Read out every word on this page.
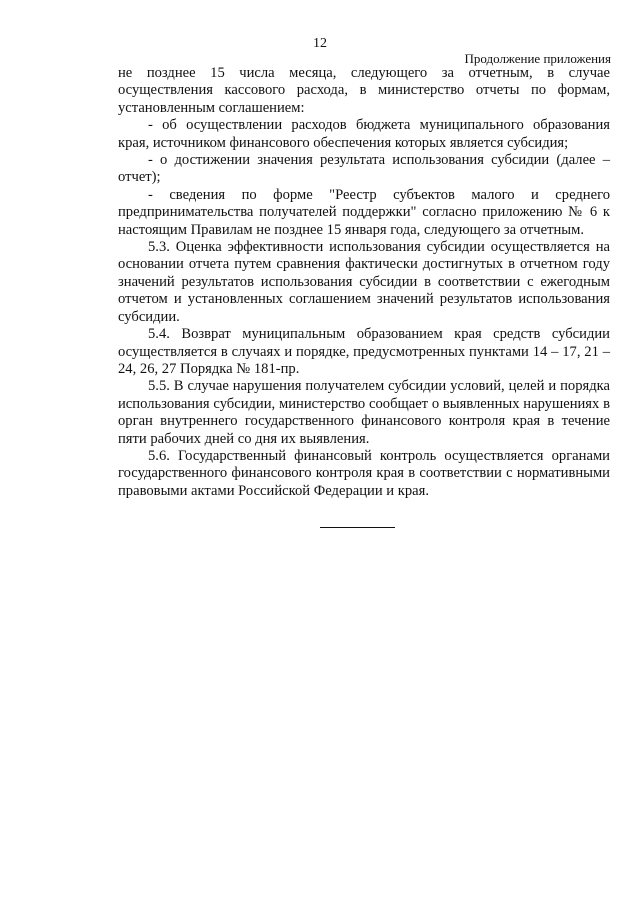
12
Продолжение приложения

не позднее 15 числа месяца, следующего за отчетным, в случае осуществления кассового расхода, в министерство отчеты по формам, установленным соглашением:

- об осуществлении расходов бюджета муниципального образования края, источником финансового обеспечения которых является субсидия;

- о достижении значения результата использования субсидии (далее – отчет);

- сведения по форме "Реестр субъектов малого и среднего предпринимательства получателей поддержки" согласно приложению № 6 к настоящим Правилам не позднее 15 января года, следующего за отчетным.

5.3. Оценка эффективности использования субсидии осуществляется на основании отчета путем сравнения фактически достигнутых в отчетном году значений результатов использования субсидии в соответствии с ежегодным отчетом и установленных соглашением значений результатов использования субсидии.

5.4. Возврат муниципальным образованием края средств субсидии осуществляется в случаях и порядке, предусмотренных пунктами 14 – 17, 21 – 24, 26, 27 Порядка № 181-пр.

5.5. В случае нарушения получателем субсидии условий, целей и порядка использования субсидии, министерство сообщает о выявленных нарушениях в орган внутреннего государственного финансового контроля края в течение пяти рабочих дней со дня их выявления.

5.6. Государственный финансовый контроль осуществляется органами государственного финансового контроля края в соответствии с нормативными правовыми актами Российской Федерации и края.
